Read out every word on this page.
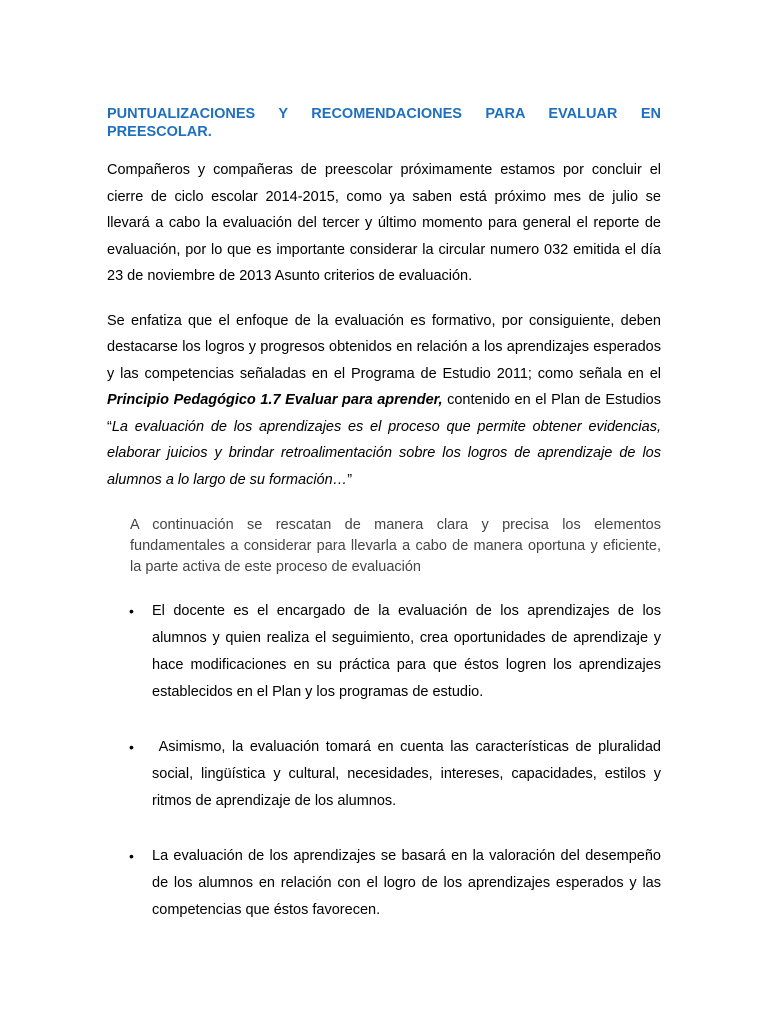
PUNTUALIZACIONES Y RECOMENDACIONES PARA EVALUAR EN PREESCOLAR.

Compañeros y compañeras de preescolar próximamente estamos por concluir el cierre de ciclo escolar 2014-2015, como ya saben está próximo mes de julio se llevará a cabo la evaluación del tercer y último momento para general el reporte de evaluación, por lo que es importante considerar la circular numero 032 emitida el día 23 de noviembre de 2013 Asunto criterios de evaluación.

Se enfatiza que el enfoque de la evaluación es formativo, por consiguiente, deben destacarse los logros y progresos obtenidos en relación a los aprendizajes esperados y las competencias señaladas en el Programa de Estudio 2011; como señala en el Principio Pedagógico 1.7 Evaluar para aprender, contenido en el Plan de Estudios “La evaluación de los aprendizajes es el proceso que permite obtener evidencias, elaborar juicios y brindar retroalimentación sobre los logros de aprendizaje de los alumnos a lo largo de su formación…”

A continuación se rescatan de manera clara y precisa los elementos fundamentales a considerar para llevarla a cabo de manera oportuna y eficiente, la parte activa de este proceso de evaluación

• El docente es el encargado de la evaluación de los aprendizajes de los alumnos y quien realiza el seguimiento, crea oportunidades de aprendizaje y hace modificaciones en su práctica para que éstos logren los aprendizajes establecidos en el Plan y los programas de estudio.
• Asimismo, la evaluación tomará en cuenta las características de pluralidad social, lingüística y cultural, necesidades, intereses, capacidades, estilos y ritmos de aprendizaje de los alumnos.
• La evaluación de los aprendizajes se basará en la valoración del desempeño de los alumnos en relación con el logro de los aprendizajes esperados y las competencias que éstos favorecen.
